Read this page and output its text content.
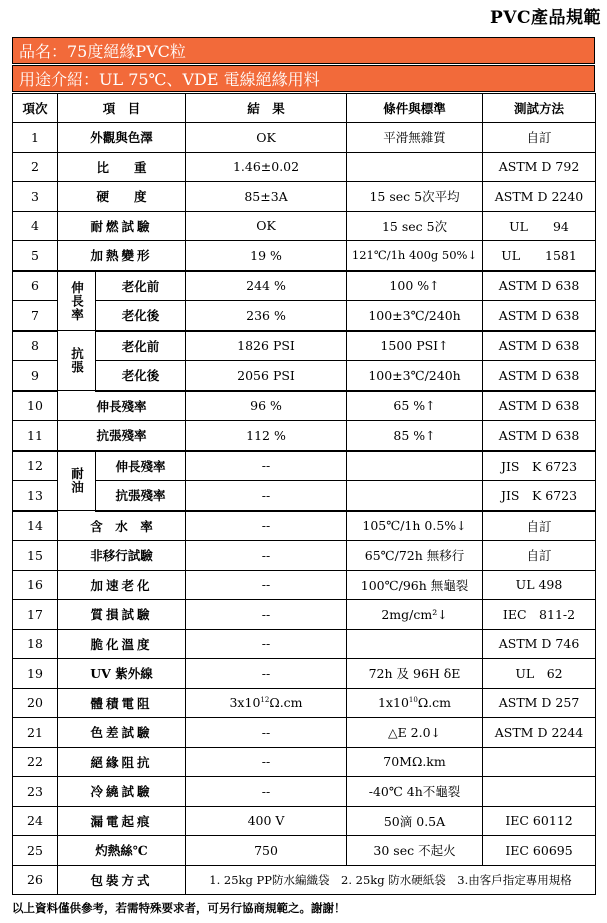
PVC產品規範
品名：75度絕緣PVC粒
用途介紹：UL 75℃、VDE 電線絕緣用料
項次	項　目		結　果	條件與標準	測試方法
1	外觀與色澤		OK	平滑無雜質	自訂
2	比　　重		1.46±0.02		ASTM D 792
3	硬　　度		85±3A	15 sec 5次平均	ASTM D 2240
4	耐燃試驗		OK	15 sec 5次	UL　　94
5	加熱變形		19 %	121℃/1h 400g 50%↓	UL　　1581
6	伸長率	老化前	244 %	100 %↑	ASTM D 638
7		老化後	236 %	100±3℃/240h	ASTM D 638
8	抗張	老化前	1826 PSI	1500 PSI↑	ASTM D 638
9		老化後	2056 PSI	100±3℃/240h	ASTM D 638
10	伸長殘率		96 %	65 %↑	ASTM D 638
11	抗張殘率		112 %	85 %↑	ASTM D 638
12	耐油	伸長殘率	--		JIS　K 6723
13		抗張殘率	--		JIS　K 6723
14	含　水　率		--	105℃/1h 0.5%↓	自訂
15	非移行試驗		--	65℃/72h 無移行	自訂
16	加速老化		--	100℃/96h 無龜裂	UL 498
17	質損試驗		--	2mg/cm²↓	IEC　811-2
18	脆化溫度		--		ASTM D 746
19	UV 紫外線		--	72h 及 96H δE	UL　62
20	體積電阻		$3x10^{12}\Omega.cm$	$1x10^{10}\Omega.cm$	ASTM D 257
21	色差試驗		--	△E 2.0↓	ASTM D 2244
22	絕緣阻抗		--	70MΩ.km	
23	冷繞試驗		--	-40℃ 4h不龜裂	
24	漏電起痕		400 V	50滴 0.5A	IEC 60112
25	灼熱絲℃		750	30 sec 不起火	IEC 60695
26	包裝方式		1. 25kg PP防水編織袋　2. 25kg 防水硬紙袋　3.由客戶指定專用規格		
以上資料僅供參考，若需特殊要求者，可另行協商規範之。謝謝！
